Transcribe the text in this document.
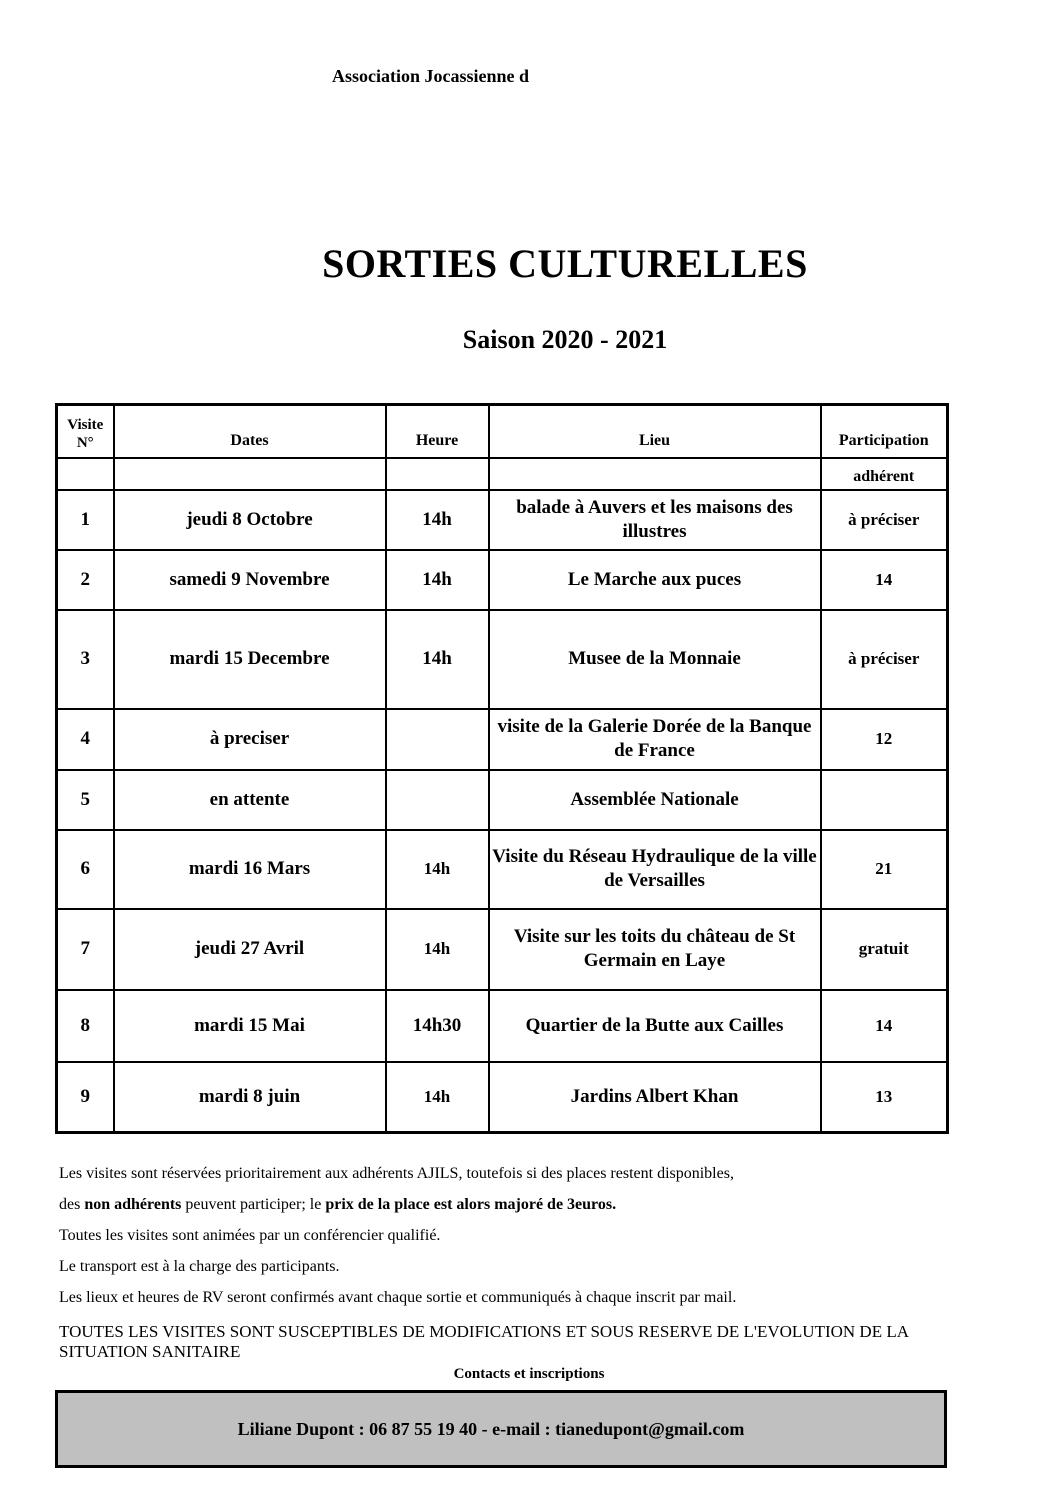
Association Jocassienne d
SORTIES CULTURELLES
Saison 2020 - 2021
Visite N°	Dates	Heure	Lieu	Participation
				adhérent
1	jeudi 8 Octobre	14h	balade à Auvers et les maisons des illustres	à préciser
2	samedi 9 Novembre	14h	Le Marche aux puces	14
3	mardi 15 Decembre	14h	Musee de la Monnaie	à préciser
4	à preciser		visite de la Galerie Dorée de la Banque de France	12
5	en attente		Assemblée Nationale	
6	mardi 16 Mars	14h	Visite du Réseau Hydraulique de la ville de Versailles	21
7	jeudi 27 Avril	14h	Visite sur les toits du château de St Germain en Laye	gratuit
8	mardi 15 Mai	14h30	Quartier de la Butte aux Cailles	14
9	mardi 8 juin	14h	Jardins Albert Khan	13

Les visites sont réservées prioritairement aux adhérents AJILS, toutefois si des places restent disponibles,

des non adhérents peuvent participer; le prix de la place est alors majoré de 3euros.

Toutes les visites sont animées par un conférencier qualifié.

Le transport est à la charge des participants.

Les lieux et heures de RV seront confirmés avant chaque sortie et communiqués à chaque inscrit par mail.

TOUTES LES VISITES SONT SUSCEPTIBLES DE MODIFICATIONS ET SOUS RESERVE DE L'EVOLUTION DE LA SITUATION SANITAIRE
Contacts et inscriptions
Liliane Dupont : 06 87 55 19 40 - e-mail : tianedupont@gmail.com
